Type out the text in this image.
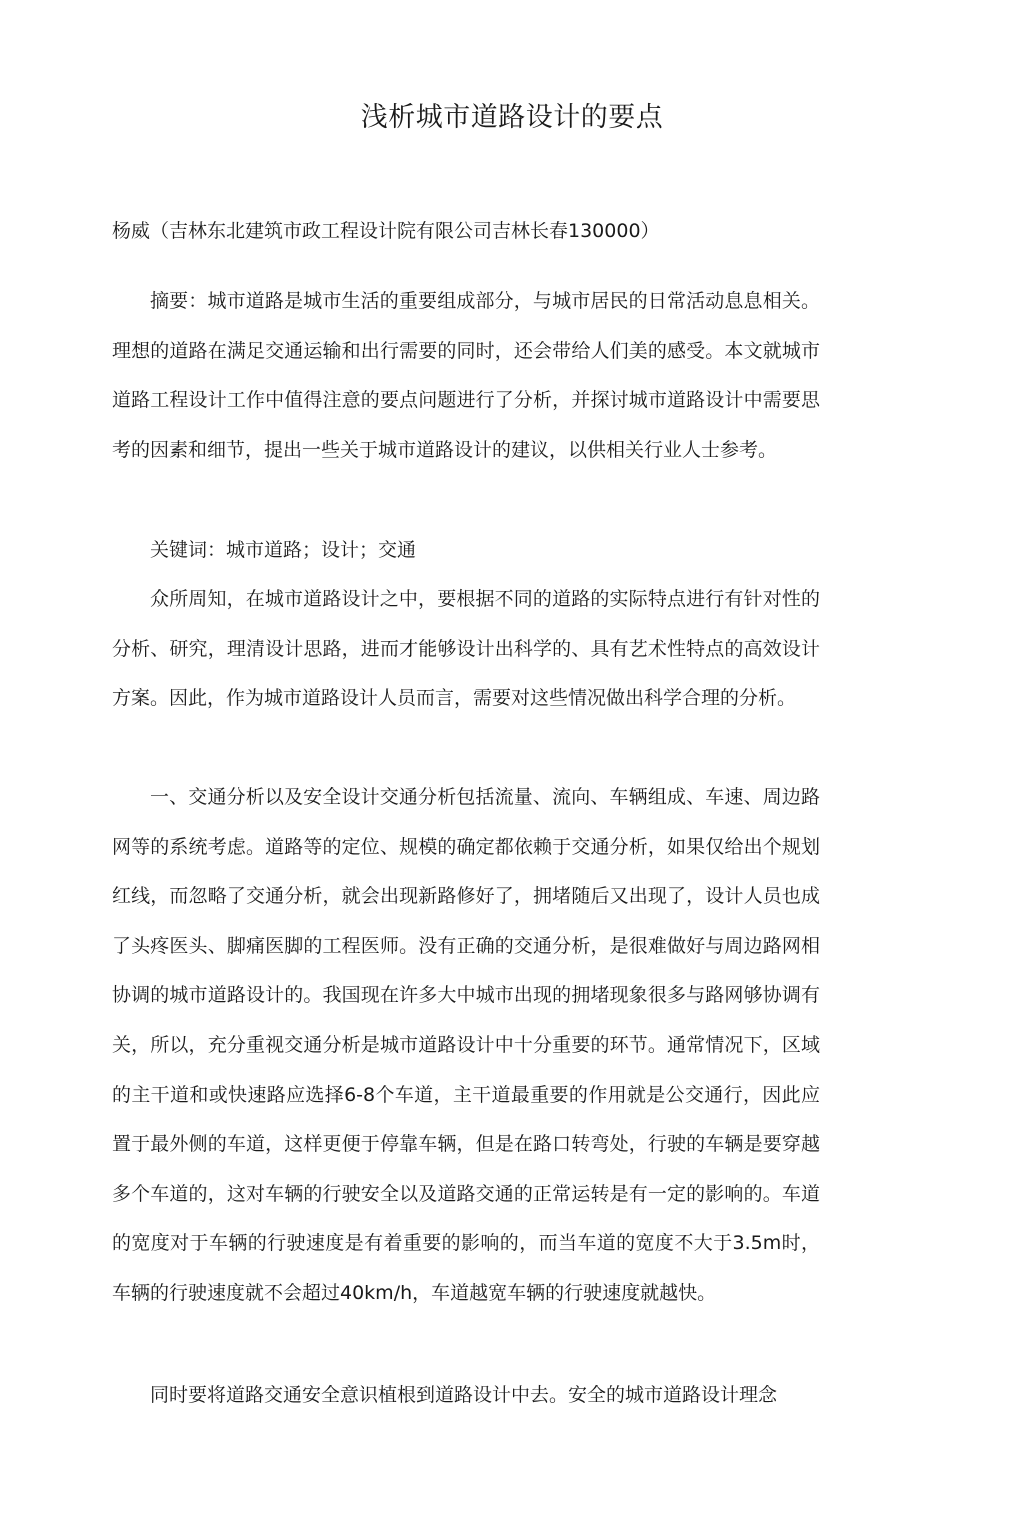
浅析城市道路设计的要点
杨威（吉林东北建筑市政工程设计院有限公司吉林长春130000）

摘要：城市道路是城市生活的重要组成部分，与城市居民的日常活动息息相关。理想的道路在满足交通运输和出行需要的同时，还会带给人们美的感受。本文就城市道路工程设计工作中值得注意的要点问题进行了分析，并探讨城市道路设计中需要思考的因素和细节，提出一些关于城市道路设计的建议，以供相关行业人士参考。

关键词：城市道路；设计；交通

众所周知，在城市道路设计之中，要根据不同的道路的实际特点进行有针对性的分析、研究，理清设计思路，进而才能够设计出科学的、具有艺术性特点的高效设计方案。因此，作为城市道路设计人员而言，需要对这些情况做出科学合理的分析。

一、交通分析以及安全设计交通分析包括流量、流向、车辆组成、车速、周边路网等的系统考虑。道路等的定位、规模的确定都依赖于交通分析，如果仅给出个规划红线，而忽略了交通分析，就会出现新路修好了，拥堵随后又出现了，设计人员也成了头疼医头、脚痛医脚的工程医师。没有正确的交通分析，是很难做好与周边路网相协调的城市道路设计的。我国现在许多大中城市出现的拥堵现象很多与路网够协调有关，所以，充分重视交通分析是城市道路设计中十分重要的环节。通常情况下，区域的主干道和或快速路应选择6-8个车道，主干道最重要的作用就是公交通行，因此应置于最外侧的车道，这样更便于停靠车辆，但是在路口转弯处，行驶的车辆是要穿越多个车道的，这对车辆的行驶安全以及道路交通的正常运转是有一定的影响的。车道的宽度对于车辆的行驶速度是有着重要的影响的，而当车道的宽度不大于3.5m时，车辆的行驶速度就不会超过40km/h，车道越宽车辆的行驶速度就越快。

同时要将道路交通安全意识植根到道路设计中去。安全的城市道路设计理念
